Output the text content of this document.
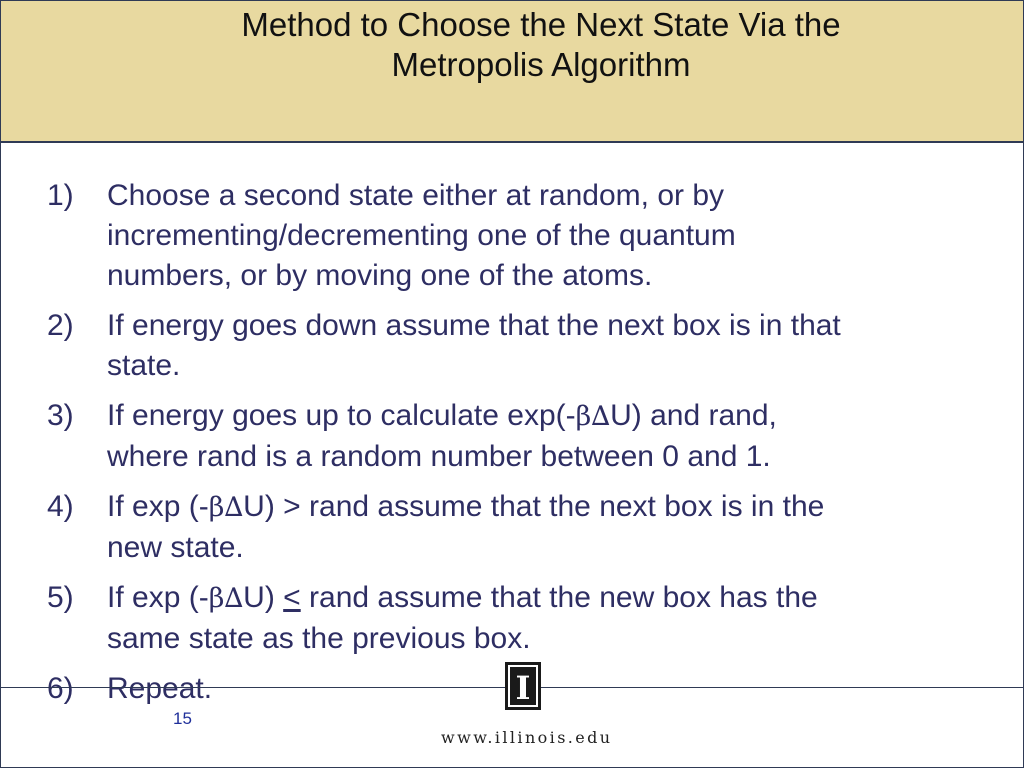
Method to Choose the Next State Via the
Metropolis Algorithm
1)	Choose a second state either at random, or by
incrementing/decrementing one of the quantum
numbers, or by moving one of the atoms.
2)	If energy goes down assume that the next box is in that
state.
3)	If energy goes up to calculate exp(-β∆U) and rand,
where rand is a random number between 0 and 1.
4)	If exp (-β∆U) > rand assume that the next box is in the
new state.
5)	If exp (-β∆U) < rand assume that the new box has the
same state as the previous box.
6)	Repeat.
15
I
www.illinois.edu
